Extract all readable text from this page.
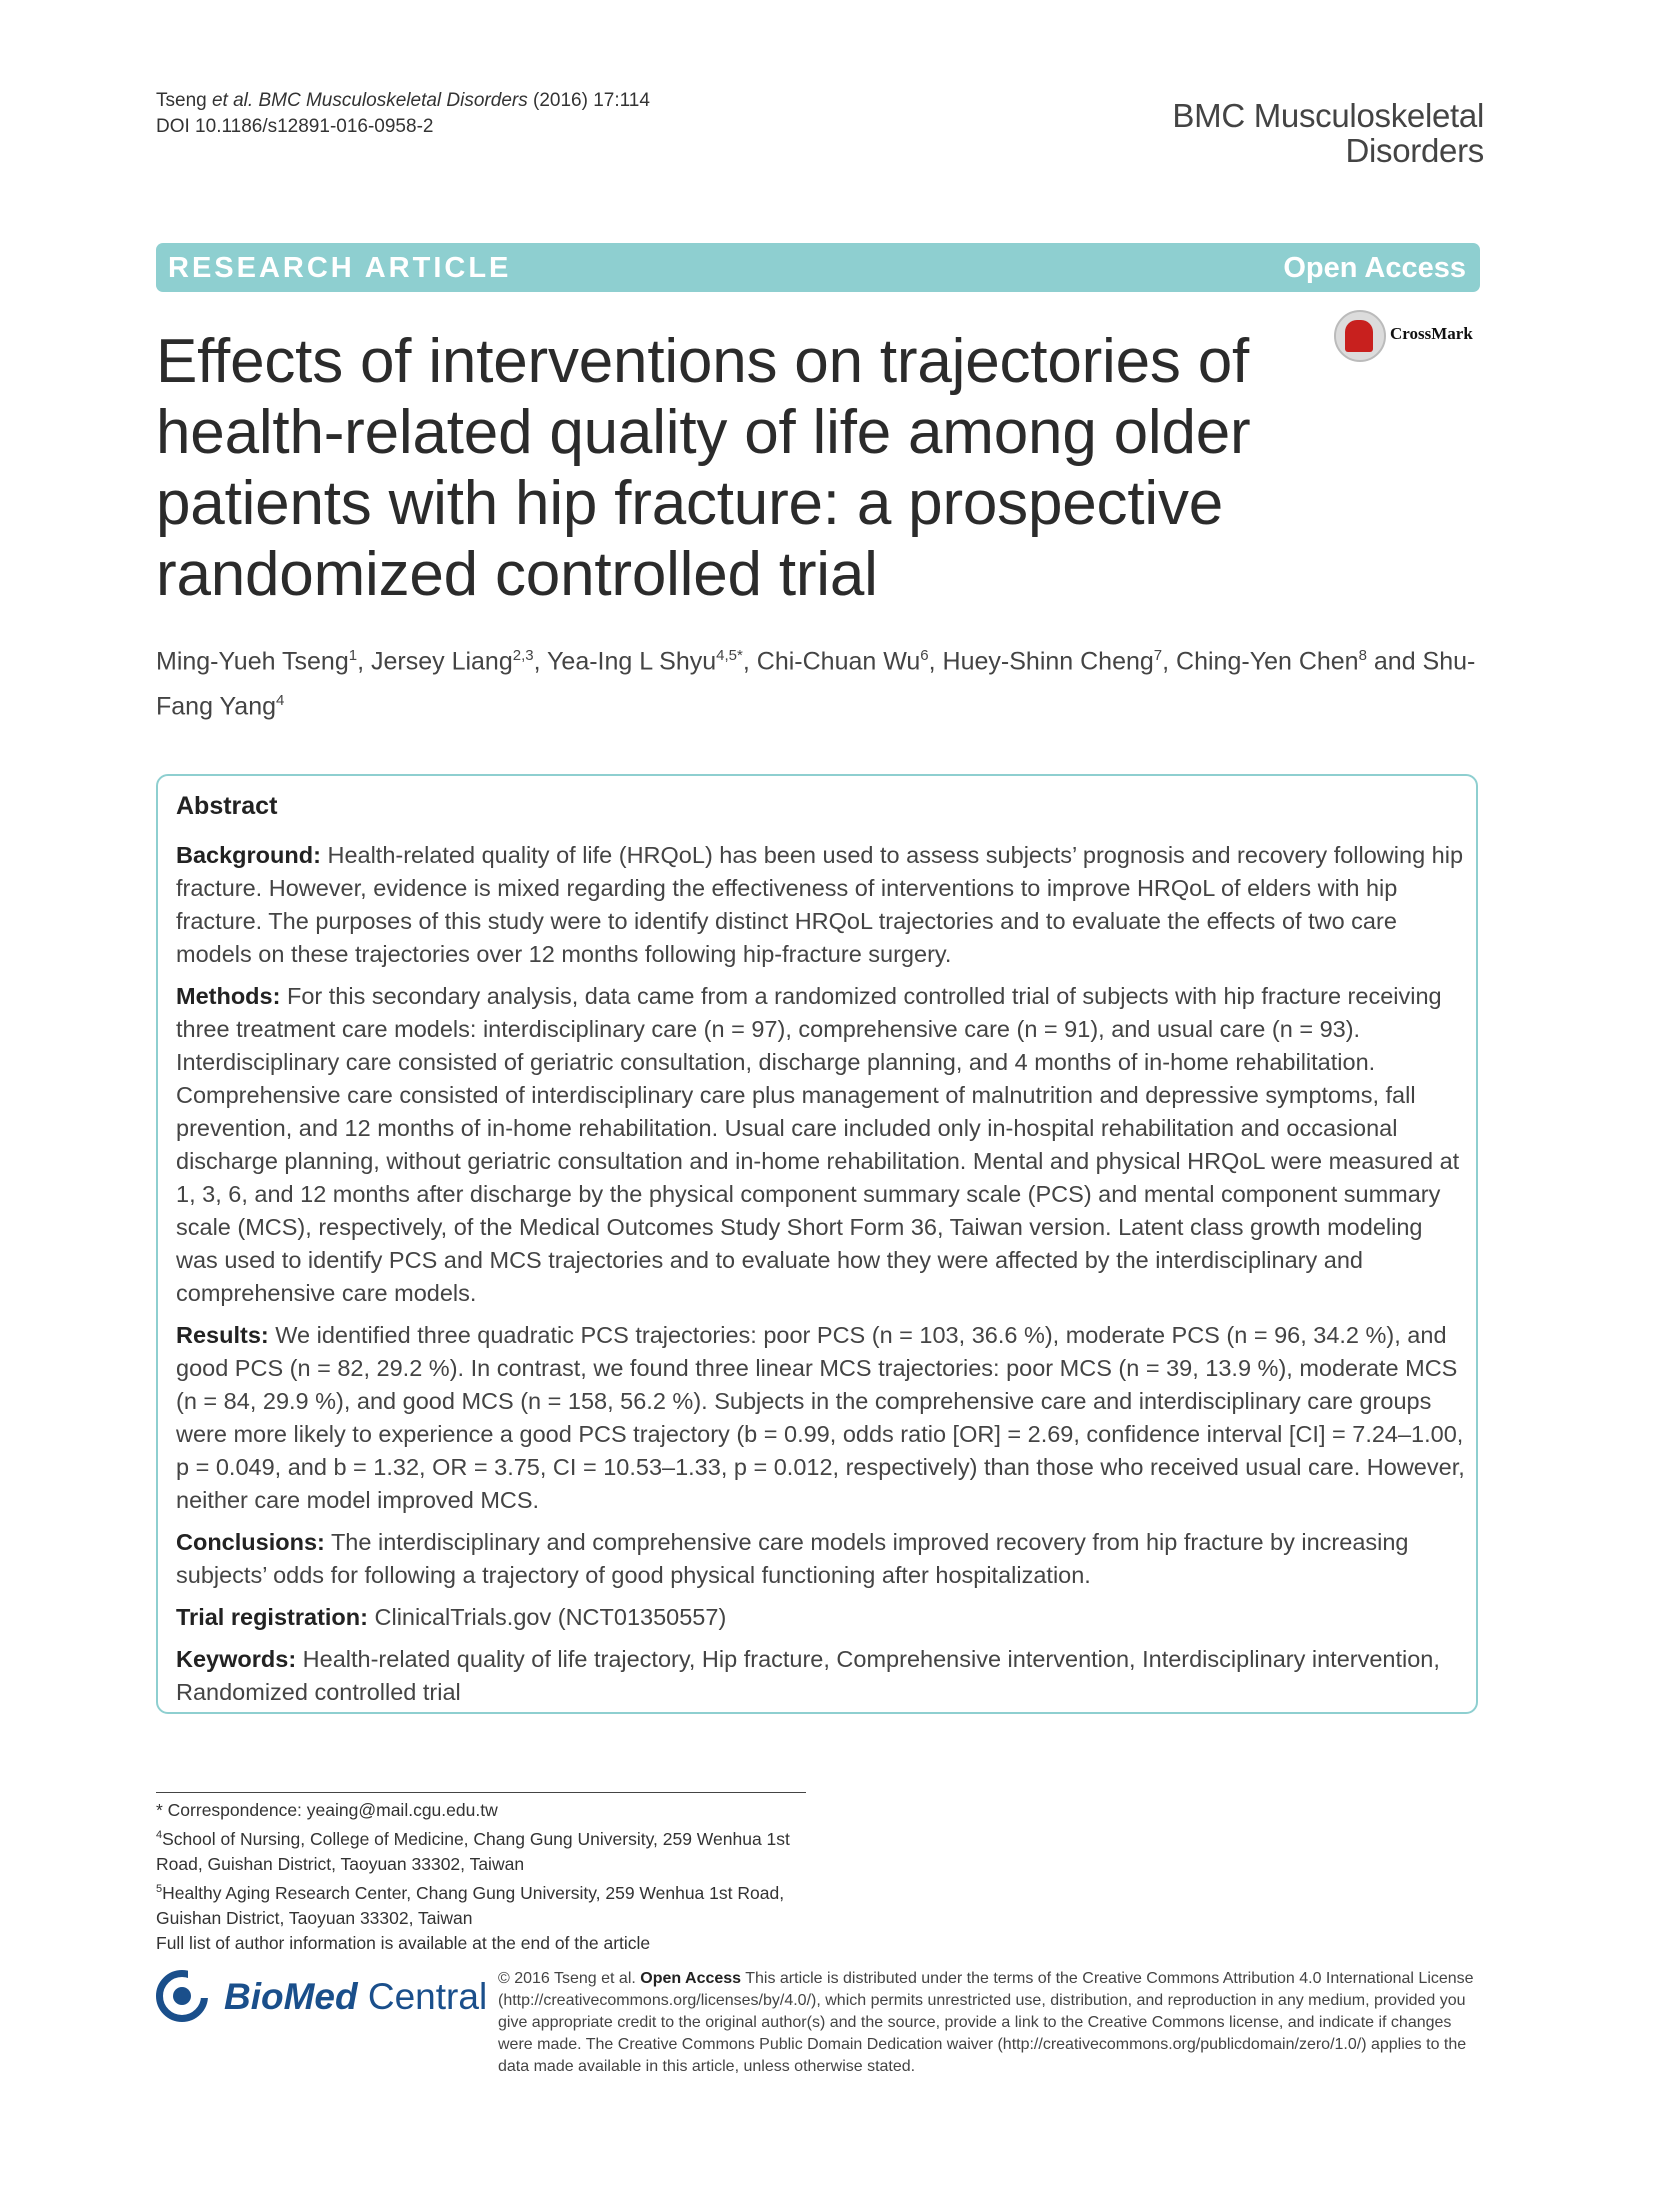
Tseng et al. BMC Musculoskeletal Disorders (2016) 17:114
DOI 10.1186/s12891-016-0958-2	BMC Musculoskeletal
Disorders
RESEARCH ARTICLE	Open Access
CrossMark
Effects of interventions on trajectories of health-related quality of life among older patients with hip fracture: a prospective randomized controlled trial
Ming-Yueh Tseng$^1$, Jersey Liang$^{2,3}$, Yea-Ing L Shyu$^{4,5*}$, Chi-Chuan Wu$^6$, Huey-Shinn Cheng$^7$, Ching-Yen Chen$^8$ and Shu-Fang Yang$^4$
Abstract

Background: Health-related quality of life (HRQoL) has been used to assess subjects’ prognosis and recovery following hip fracture. However, evidence is mixed regarding the effectiveness of interventions to improve HRQoL of elders with hip fracture. The purposes of this study were to identify distinct HRQoL trajectories and to evaluate the effects of two care models on these trajectories over 12 months following hip-fracture surgery.

Methods: For this secondary analysis, data came from a randomized controlled trial of subjects with hip fracture receiving three treatment care models: interdisciplinary care (n = 97), comprehensive care (n = 91), and usual care (n = 93). Interdisciplinary care consisted of geriatric consultation, discharge planning, and 4 months of in-home rehabilitation. Comprehensive care consisted of interdisciplinary care plus management of malnutrition and depressive symptoms, fall prevention, and 12 months of in-home rehabilitation. Usual care included only in-hospital rehabilitation and occasional discharge planning, without geriatric consultation and in-home rehabilitation. Mental and physical HRQoL were measured at 1, 3, 6, and 12 months after discharge by the physical component summary scale (PCS) and mental component summary scale (MCS), respectively, of the Medical Outcomes Study Short Form 36, Taiwan version. Latent class growth modeling was used to identify PCS and MCS trajectories and to evaluate how they were affected by the interdisciplinary and comprehensive care models.

Results: We identified three quadratic PCS trajectories: poor PCS (n = 103, 36.6 %), moderate PCS (n = 96, 34.2 %), and good PCS (n = 82, 29.2 %). In contrast, we found three linear MCS trajectories: poor MCS (n = 39, 13.9 %), moderate MCS (n = 84, 29.9 %), and good MCS (n = 158, 56.2 %). Subjects in the comprehensive care and interdisciplinary care groups were more likely to experience a good PCS trajectory (b = 0.99, odds ratio [OR] = 2.69, confidence interval [CI] = 7.24–1.00, p = 0.049, and b = 1.32, OR = 3.75, CI = 10.53–1.33, p = 0.012, respectively) than those who received usual care. However, neither care model improved MCS.

Conclusions: The interdisciplinary and comprehensive care models improved recovery from hip fracture by increasing subjects’ odds for following a trajectory of good physical functioning after hospitalization.

Trial registration: ClinicalTrials.gov (NCT01350557)

Keywords: Health-related quality of life trajectory, Hip fracture, Comprehensive intervention, Interdisciplinary intervention, Randomized controlled trial

* Correspondence: yeaing@mail.cgu.edu.tw
$^4$School of Nursing, College of Medicine, Chang Gung University, 259 Wenhua 1st Road, Guishan District, Taoyuan 33302, Taiwan
$^5$Healthy Aging Research Center, Chang Gung University, 259 Wenhua 1st Road, Guishan District, Taoyuan 33302, Taiwan
Full list of author information is available at the end of the article
BioMed Central © 2016 Tseng et al. Open Access This article is distributed under the terms of the Creative Commons Attribution 4.0 International License (http://creativecommons.org/licenses/by/4.0/), which permits unrestricted use, distribution, and reproduction in any medium, provided you give appropriate credit to the original author(s) and the source, provide a link to the Creative Commons license, and indicate if changes were made. The Creative Commons Public Domain Dedication waiver (http://creativecommons.org/publicdomain/zero/1.0/) applies to the data made available in this article, unless otherwise stated.
